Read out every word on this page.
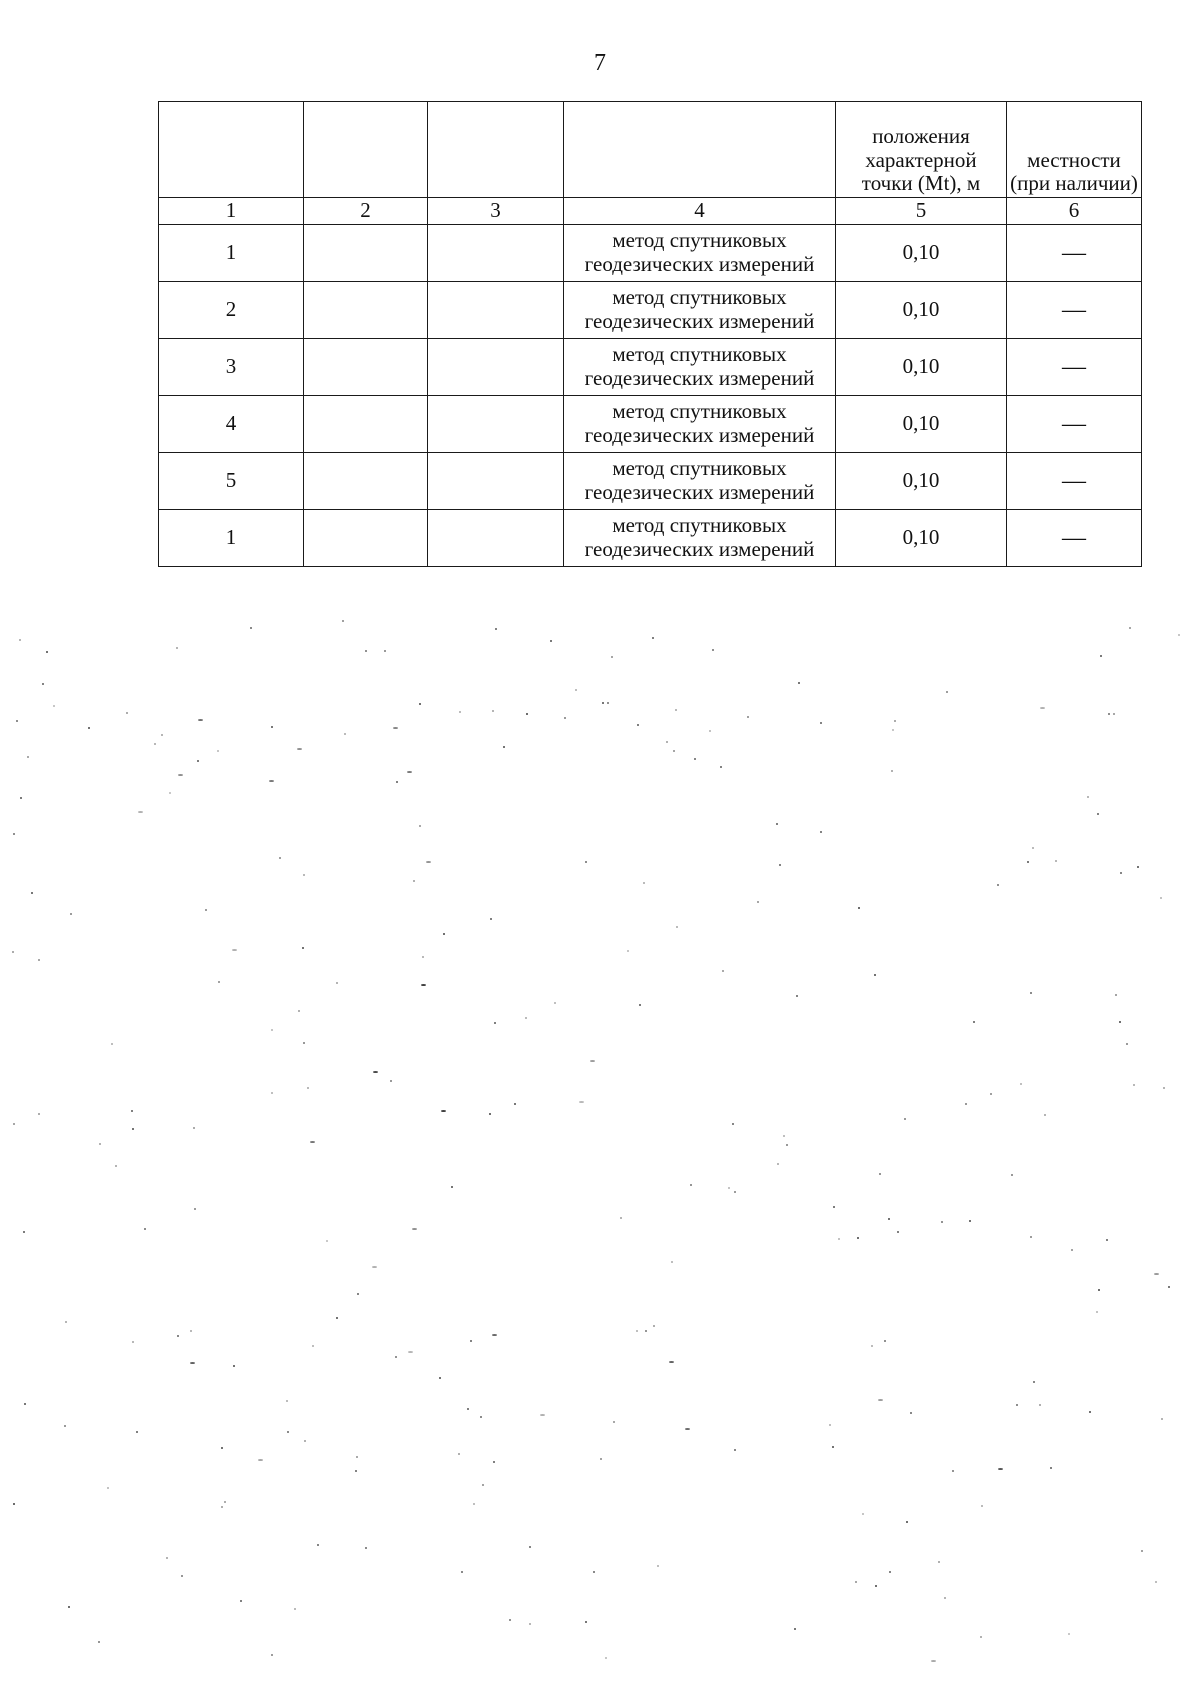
7
				положения характерной точки (Mt), м	местности (при наличии)
1	2	3	4	5	6
1			метод спутниковых геодезических измерений	0,10	—
2			метод спутниковых геодезических измерений	0,10	—
3			метод спутниковых геодезических измерений	0,10	—
4			метод спутниковых геодезических измерений	0,10	—
5			метод спутниковых геодезических измерений	0,10	—
1			метод спутниковых геодезических измерений	0,10	—
